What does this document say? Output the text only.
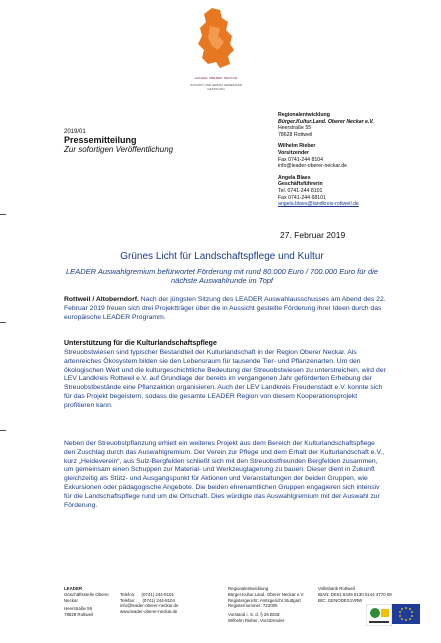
LEADER OBERER NECKAR
ZUKUNFT UND HEIMAT GEMEINSAM GESTALTEN
2019/01
Pressemitteilung
Zur sofortigen Veröffentlichung
Regionalentwicklung
Bürger.Kultur.Land. Oberer Neckar e.V.
Heerstraße 55
78628 Rottweil
Wilhelm Rieber
Vorsitzender
Fax 0741-244 8104
info@leader-oberer-neckar.de
Angela Blaes
Geschäftsführerin
Tel. 0741-244 8101
Fax 0741-244 68101
angela.blaes@landkreis-rottweil.de
27. Februar 2019
Grünes Licht für Landschaftspflege und Kultur
LEADER Auswahlgremium befürwortet Förderung mit rund 80.000 Euro / 700.000 Euro für die nächste Auswahlrunde im Topf
Rottweil / Altoberndorf. Nach der jüngsten Sitzung des LEADER Auswahlausschusses am Abend des 22. Februar 2019 freuen sich drei Projektträger über die in Aussicht gestellte Förderung ihrer Ideen durch das europäische LEADER Programm.
Unterstützung für die Kulturlandschaftspflege
Streuobstwiesen sind typischer Bestandteil der Kulturlandschaft in der Region Oberer Neckar. Als artenreiches Ökosystem bilden sie den Lebensraum für tausende Tier- und Pflanzenarten. Um den ökologischen Wert und die kulturgeschichtliche Bedeutung der Streuobstwiesen zu unterstreichen, wird der LEV Landkreis Rottweil e.V. auf Grundlage der bereits im vergangenen Jahr geförderten Erhebung der Streuobstbestände eine Pflanzaktion organisieren. Auch der LEV Landkreis Freudenstadt e.V. konnte sich für das Projekt begeistern, sodass die gesamte LEADER Region von diesem Kooperationsprojekt profitieren kann.
Neben der Streuobstpflanzung erhielt ein weiteres Projekt aus dem Bereich der Kulturlandschaftspflege den Zuschlag durch das Auswahlgremium. Der Verein zur Pflege und dem Erhalt der Kulturlandschaft e.V., kurz „Heideverein“, aus Sulz-Bergfelden schließt sich mit den Streuobstfreunden Bergfelden zusammen, um gemeinsam einen Schuppen zur Material- und Werkzeuglagerung zu bauen. Dieser dient in Zukunft gleichzeitig als Stütz- und Ausgangspunkt für Aktionen und Veranstaltungen der beiden Gruppen, wie Exkursionen oder pädagogische Angebote. Die beiden ehrenamtlichen Gruppen engagieren sich intensiv für die Landschaftspflege rund um die Ortschaft. Dies würdigte das Auswahlgremium mit der Auswahl zur Förderung.
LEADER
Geschäftsstelle Oberer Neckar
Heerstraße 55
78628 Rottweil
Telefon:     (0741) 244-8101
Telefax:      (0741) 244-8104
info@leader-oberer-neckar.de
www.leader-oberer-neckar.de
Regionalentwicklung
Bürger.Kultur.Land. Oberer Neckar e.V.
Registergericht: Amtsgericht Stuttgart
Registernummer: 722005
Vorstand i. S. d. § 26 BGB:
Wilhelm Rieber, Vorsitzender
Volksbank Rottweil
IBAN: DE61 6439 0130 0144 4770 09
BIC: GENODES1VRW
